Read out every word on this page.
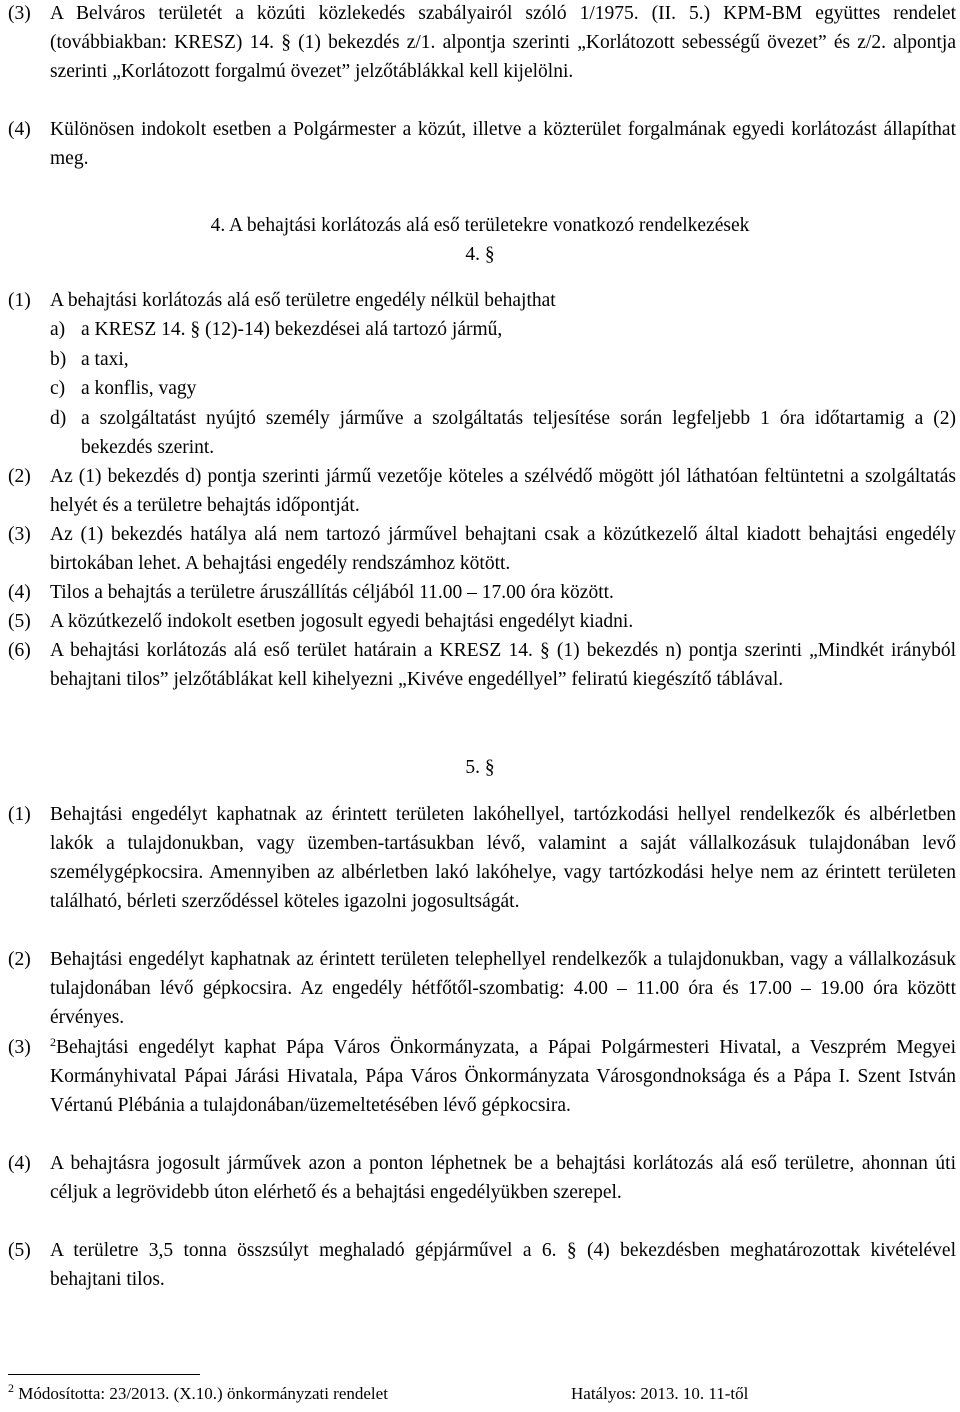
(3) A Belváros területét a közúti közlekedés szabályairól szóló 1/1975. (II. 5.) KPM-BM együttes rendelet (továbbiakban: KRESZ) 14. § (1) bekezdés z/1. alpontja szerinti „Korlátozott sebességű övezet” és z/2. alpontja szerinti „Korlátozott forgalmú övezet” jelzőtáblákkal kell kijelölni.
(4) Különösen indokolt esetben a Polgármester a közút, illetve a közterület forgalmának egyedi korlátozást állapíthat meg.
4. A behajtási korlátozás alá eső területekre vonatkozó rendelkezések
4. §
(1) A behajtási korlátozás alá eső területre engedély nélkül behajthat
a) a KRESZ 14. § (12)-14) bekezdései alá tartozó jármű,
b) a taxi,
c) a konflis, vagy
d) a szolgáltatást nyújtó személy járműve a szolgáltatás teljesítése során legfeljebb 1 óra időtartamig a (2) bekezdés szerint.
(2) Az (1) bekezdés d) pontja szerinti jármű vezetője köteles a szélvédő mögött jól láthatóan feltüntetni a szolgáltatás helyét és a területre behajtás időpontját.
(3) Az (1) bekezdés hatálya alá nem tartozó járművel behajtani csak a közútkezelő által kiadott behajtási engedély birtokában lehet. A behajtási engedély rendszámhoz kötött.
(4) Tilos a behajtás a területre áruszállítás céljából 11.00 – 17.00 óra között.
(5) A közútkezelő indokolt esetben jogosult egyedi behajtási engedélyt kiadni.
(6) A behajtási korlátozás alá eső terület határain a KRESZ 14. § (1) bekezdés n) pontja szerinti „Mindkét irányból behajtani tilos” jelzőtáblákat kell kihelyezni „Kivéve engedéllyel” feliratú kiegészítő táblával.
5. §
(1) Behajtási engedélyt kaphatnak az érintett területen lakóhellyel, tartózkodási hellyel rendelkezők és albérletben lakók a tulajdonukban, vagy üzemben-tartásukban lévő, valamint a saját vállalkozásuk tulajdonában levő személygépkocsira. Amennyiben az albérletben lakó lakóhelye, vagy tartózkodási helye nem az érintett területen található, bérleti szerződéssel köteles igazolni jogosultságát.
(2) Behajtási engedélyt kaphatnak az érintett területen telephellyel rendelkezők a tulajdonukban, vagy a vállalkozásuk tulajdonában lévő gépkocsira. Az engedély hétfőtől-szombatig: 4.00 – 11.00 óra és 17.00 – 19.00 óra között érvényes.
(3)	$^2$Behajtási engedélyt kaphat Pápa Város Önkormányzata, a Pápai Polgármesteri Hivatal, a Veszprém Megyei Kormányhivatal Pápai Járási Hivatala, Pápa Város Önkormányzata Városgondnoksága és a Pápa I. Szent István Vértanú Plébánia a tulajdonában/üzemeltetésében lévő gépkocsira.
(4) A behajtásra jogosult járművek azon a ponton léphetnek be a behajtási korlátozás alá eső területre, ahonnan úti céljuk a legrövidebb úton elérhető és a behajtási engedélyükben szerepel.
(5) A területre 3,5 tonna összsúlyt meghaladó gépjárművel a 6. § (4) bekezdésben meghatározottak kivételével behajtani tilos.
$^2$ Módosította: 23/2013. (X.10.) önkormányzati rendelet	Hatályos: 2013. 10. 11-től
